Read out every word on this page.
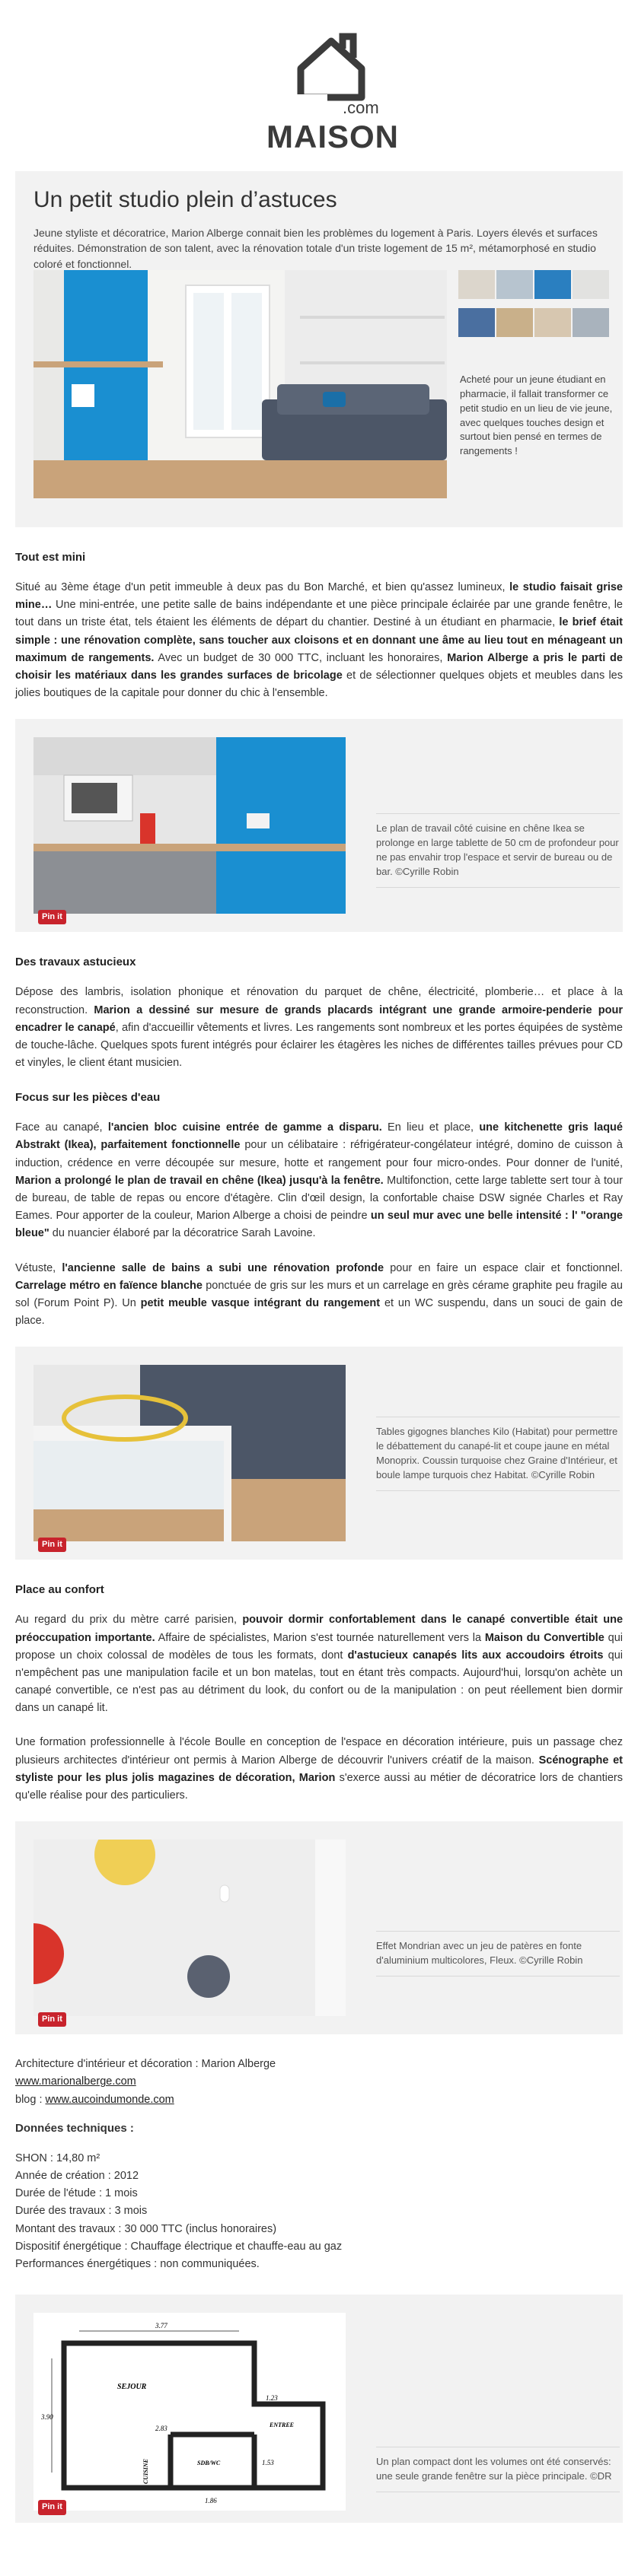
.com
MAISON
Un petit studio plein d’astuces

Jeune styliste et décoratrice, Marion Alberge connait bien les problèmes du logement à Paris. Loyers élevés et surfaces réduites. Démonstration de son talent, avec la rénovation totale d'un triste logement de 15 m², métamorphosé en studio coloré et fonctionnel.

Acheté pour un jeune étudiant en pharmacie, il fallait transformer ce petit studio en un lieu de vie jeune, avec quelques touches design et surtout bien pensé en termes de rangements !

Tout est mini

Situé au 3ème étage d'un petit immeuble à deux pas du Bon Marché, et bien qu'assez lumineux, le studio faisait grise mine… Une mini-entrée, une petite salle de bains indépendante et une pièce principale éclairée par une grande fenêtre, le tout dans un triste état, tels étaient les éléments de départ du chantier. Destiné à un étudiant en pharmacie, le brief était simple : une rénovation complète, sans toucher aux cloisons et en donnant une âme au lieu tout en ménageant un maximum de rangements. Avec un budget de 30 000 TTC, incluant les honoraires, Marion Alberge a pris le parti de choisir les matériaux dans les grandes surfaces de bricolage et de sélectionner quelques objets et meubles dans les jolies boutiques de la capitale pour donner du chic à l'ensemble.

Pin it

Le plan de travail côté cuisine en chêne Ikea se prolonge en large tablette de 50 cm de profondeur pour ne pas envahir trop l'espace et servir de bureau ou de bar. ©Cyrille Robin

Des travaux astucieux

Dépose des lambris, isolation phonique et rénovation du parquet de chêne, électricité, plomberie… et place à la reconstruction. Marion a dessiné sur mesure de grands placards intégrant une grande armoire-penderie pour encadrer le canapé, afin d'accueillir vêtements et livres. Les rangements sont nombreux et les portes équipées de système de touche-lâche. Quelques spots furent intégrés pour éclairer les étagères les niches de différentes tailles prévues pour CD et vinyles, le client étant musicien.

Focus sur les pièces d'eau

Face au canapé, l'ancien bloc cuisine entrée de gamme a disparu. En lieu et place, une kitchenette gris laqué Abstrakt (Ikea), parfaitement fonctionnelle pour un célibataire : réfrigérateur-congélateur intégré, domino de cuisson à induction, crédence en verre découpée sur mesure, hotte et rangement pour four micro-ondes. Pour donner de l'unité, Marion a prolongé le plan de travail en chêne (Ikea) jusqu'à la fenêtre. Multifonction, cette large tablette sert tour à tour de bureau, de table de repas ou encore d'étagère. Clin d'œil design, la confortable chaise DSW signée Charles et Ray Eames. Pour apporter de la couleur, Marion Alberge a choisi de peindre un seul mur avec une belle intensité : l' "orange bleue" du nuancier élaboré par la décoratrice Sarah Lavoine.

Vétuste, l'ancienne salle de bains a subi une rénovation profonde pour en faire un espace clair et fonctionnel. Carrelage métro en faïence blanche ponctuée de gris sur les murs et un carrelage en grès cérame graphite peu fragile au sol (Forum Point P). Un petit meuble vasque intégrant du rangement et un WC suspendu, dans un souci de gain de place.

Pin it

Tables gigognes blanches Kilo (Habitat) pour permettre le débattement du canapé-lit et coupe jaune en métal Monoprix. Coussin turquoise chez Graine d'Intérieur, et boule lampe turquois chez Habitat. ©Cyrille Robin

Place au confort

Au regard du prix du mètre carré parisien, pouvoir dormir confortablement dans le canapé convertible était une préoccupation importante. Affaire de spécialistes, Marion s'est tournée naturellement vers la Maison du Convertible qui propose un choix colossal de modèles de tous les formats, dont d'astucieux canapés lits aux accoudoirs étroits qui n'empêchent pas une manipulation facile et un bon matelas, tout en étant très compacts. Aujourd'hui, lorsqu'on achète un canapé convertible, ce n'est pas au détriment du look, du confort ou de la manipulation : on peut réellement bien dormir dans un canapé lit.

Une formation professionnelle à l'école Boulle en conception de l'espace en décoration intérieure, puis un passage chez plusieurs architectes d'intérieur ont permis à Marion Alberge de découvrir l'univers créatif de la maison. Scénographe et styliste pour les plus jolis magazines de décoration, Marion s'exerce aussi au métier de décoratrice lors de chantiers qu'elle réalise pour des particuliers.

Pin it

Effet Mondrian avec un jeu de patères en fonte d'aluminium multicolores, Fleux. ©Cyrille Robin

Architecture d'intérieur et décoration : Marion Alberge
www.marionalberge.com
blog : www.aucoindumonde.com
Données techniques :
SHON : 14,80 m²
Année de création : 2012
Durée de l'étude : 1 mois
Durée des travaux : 3 mois
Montant des travaux : 30 000 TTC (inclus honoraires)
Dispositif énergétique : Chauffage électrique et chauffe-eau au gaz
Performances énergétiques : non communiquées.
3.77
3.90
1.23
1.53
1.86
2.83
SEJOUR
ENTREE
SDB/WC
CUISINE
Pin it

Un plan compact dont les volumes ont été conservés: une seule grande fenêtre sur la pièce principale. ©DR
